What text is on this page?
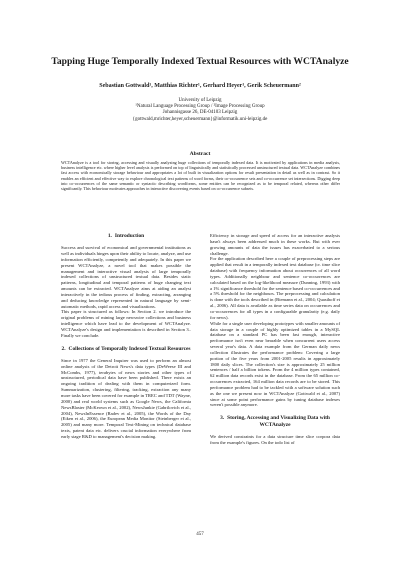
Tapping Huge Temporally Indexed Textual Resources with WCTAnalyze
Sebastian Gottwald¹, Matthias Richter¹, Gerhard Heyer¹, Gerik Scheuermann²
University of Leipzig
¹Natural Language Processing Group / ²Image Processing Group
Johannisgasse 26, DE-04103 Leipzig
{gottwald,mrichter,heyer,scheuermann}@informatik.uni-leipzig.de
Abstract
WCTAnalyze is a tool for storing, accessing and visually analyzing huge collections of temporally indexed data. It is motivated by applications in media analysis, business intelligence etc. where higher level analysis is performed on top of linguistically and statistically processed unstructured textual data. WCTAnalyze combines fast access with economically storage behaviour and appropriates a lot of built in visualization options for result presentation in detail as well as in contrast. So it enables an efficient and effective way to explore chronological text patterns of word forms, their co-occurrence sets and co-occurrence set intersections. Digging deep into co-occurrences of the same semantic or syntactic describing wordforms, some entities can be recognized as to be temporal related, whereas other differ significantly. This behaviour motivates approaches in interactive discovering events based on co-occurrence subsets.
1. Introduction

Success and survival of economical and governmental institutions as well as individuals hinges upon their ability to locate, analyze, and use information efficiently, competently and adequately. In this paper we present WCTAnalyze, a novel tool that makes possible the management and interactive visual analysis of large temporally indexed collections of unstructured textual data. Besides static patterns, longitudinal and temporal patterns of huge changing text amounts can be extracted. WCTAnalyze aims at aiding an analyst interactively in the tedious process of finding, extracting, arranging and deducing knowledge represented in natural language by semi-automatic methods, rapid access and visualizations.

This paper is structured as follows: In Section 2. we introduce the original problems of mining large newswire collections and business intelligence which have lead to the development of WCTAnalyze. WCTAnalyze's design and implementation is described in Section 3.. Finally we conclude.

2. Collections of Temporally Indexed Textual Resources

Since in 1977 the General Inquirer was used to perform an almost online analysis of the Detroit News's data types (DeWeese III and McCombs, 1977), terabytes of news stories and other types of unstructured, periodical data have been published. There exists an ongoing tradition of dealing with them in computerized form. Summarization, clustering, filtering, tracking, extraction any many more tasks have been covered for example in TREC and TDT (Wayne, 2000) and real world systems such as Google News, the California NewsBlaster (McKeown et al., 2002), NewsJunkie (Gabrilovich et al., 2004), NewsInEssence (Radev et al., 2005), the Words of the Day (Eiken et al., 2006), the European Media Monitor (Steinberger et al., 2005) and many more. Temporal Text-Mining on technical database texts, patent data etc. delivers crucial information everywhere from early stage R&D to management's decision making.

Efficiency in storage and speed of access for an interactive analysis hasn't always been addressed much in these works. But with ever growing amounts of data the issues has exacerbated to a serious challenge.

For the application described here a couple of preprocessing steps are applied that result in a temporally indexed text database (cr. time slice database) with frequency information about occurrences of all word types. Additionally neighbour and sentence co-occurrences are calculated based on the log-likelihood measure (Dunning, 1993) with a 1% significance threshold for the sentence based co-occurrences and a 5% threshold for the neighbours. The preprocessing and calculation is done with the tools described in (Biemann et al., 2004; Quasthoff et al., 2006). All data is available as time series data on occurrences and co-occurrences for all types in a configurable granularity (e.g. daily for news).

While for a single user developing prototypes with smaller amounts of data storage in a couple of highly optimized tables in a MySQL database on a standard PC has been fast enough, interactive performance isn't even near bearable when concurrent users access several year's data. A data example from the German daily news collection illustrates the performance problem: Covering a large portion of the five years from 2001-2005 results in approximately 1800 daily slices. The collection's size is approximately 25 million sentences / half a billion tokens. From the 4 million types contained, 62 million data records exist in the database. From the 65 million co-occurrences extracted, 164 million data records are to be stored. This performance problem had to be tackled with a software solution such as the one we present now in WCTAnalyze (Gottwald et al., 2007) since at some point performance gains by tuning database indexes weren't possible anymore.

3. Storing, Accessing and Visualizing Data with WCTAnalyze

We derived constraints for a data structure time slice corpora data from the example's figures. On the todo list of

457
